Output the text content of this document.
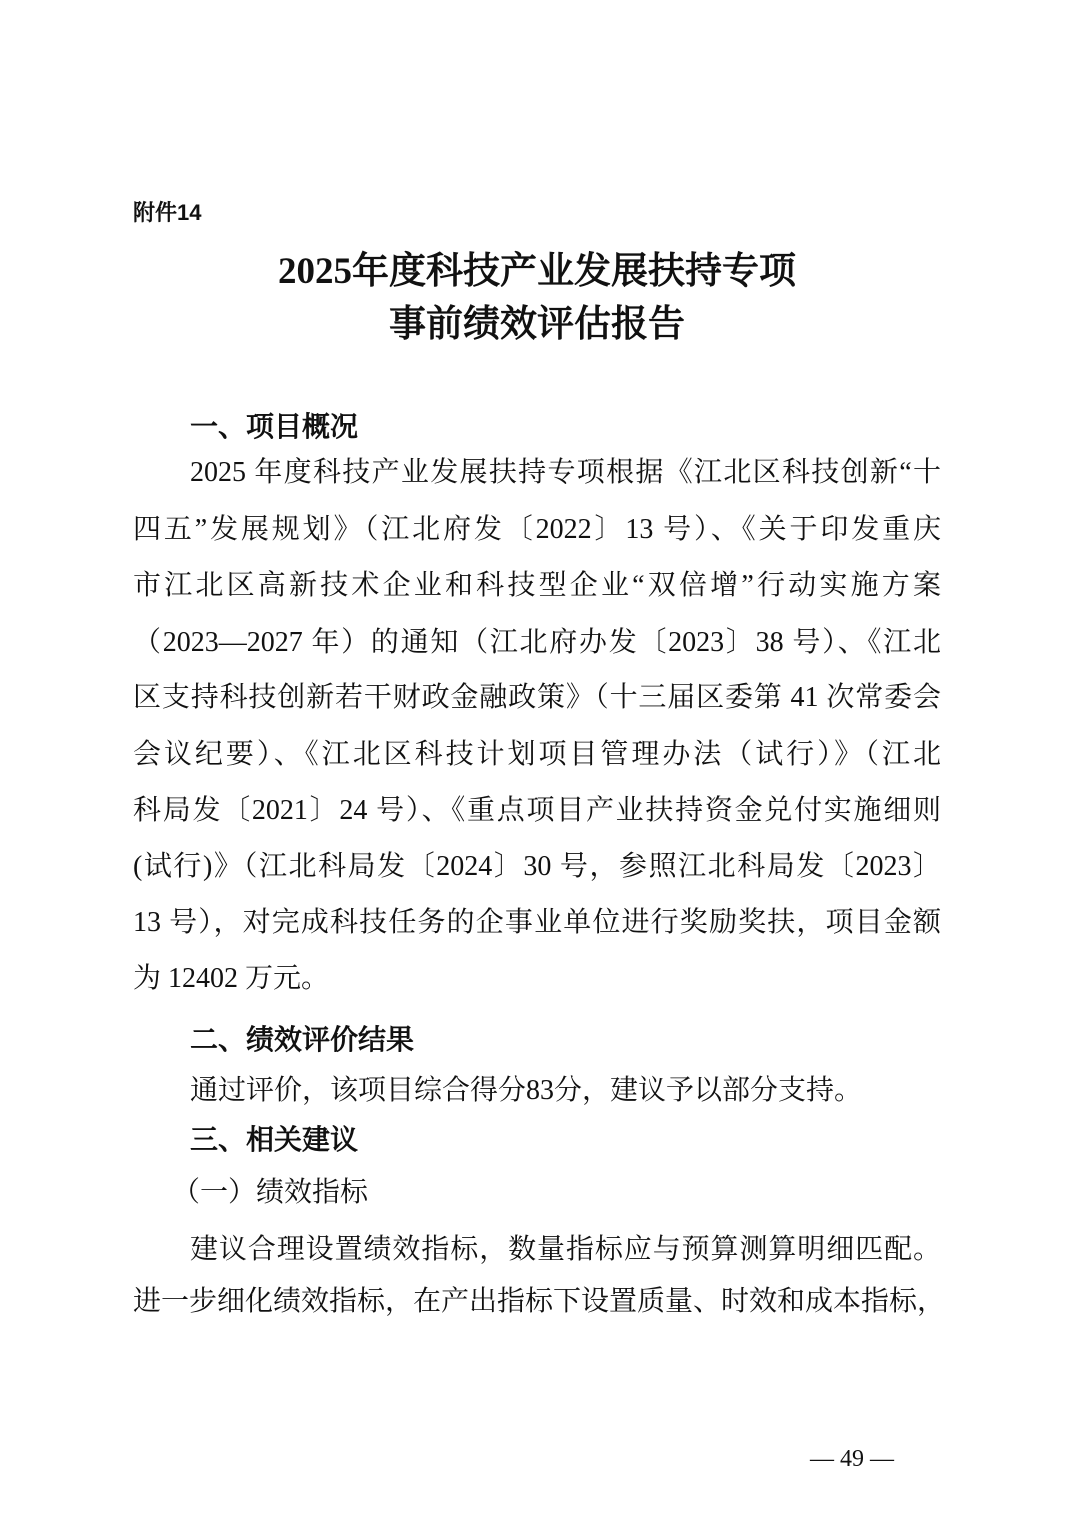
附件14
2025年度科技产业发展扶持专项
事前绩效评估报告
一、项目概况
2025 年度科技产业发展扶持专项根据《江北区科技创新“十
四五”发展规划》（江北府发〔2022〕13 号）、《关于印发重庆
市江北区高新技术企业和科技型企业“双倍增”行动实施方案
（2023—2027 年）的通知（江北府办发〔2023〕38 号）、《江北
区支持科技创新若干财政金融政策》（十三届区委第 41 次常委会
会议纪要）、《江北区科技计划项目管理办法（试行）》（江北
科局发〔2021〕24 号）、《重点项目产业扶持资金兑付实施细则
(试行)》（江北科局发〔2024〕30 号，参照江北科局发〔2023〕
13 号），对完成科技任务的企事业单位进行奖励奖扶，项目金额
为 12402 万元。
二、绩效评价结果
通过评价，该项目综合得分83分，建议予以部分支持。
三、相关建议
（一）绩效指标
建议合理设置绩效指标，数量指标应与预算测算明细匹配。
进一步细化绩效指标，在产出指标下设置质量、时效和成本指标，
— 49 —
